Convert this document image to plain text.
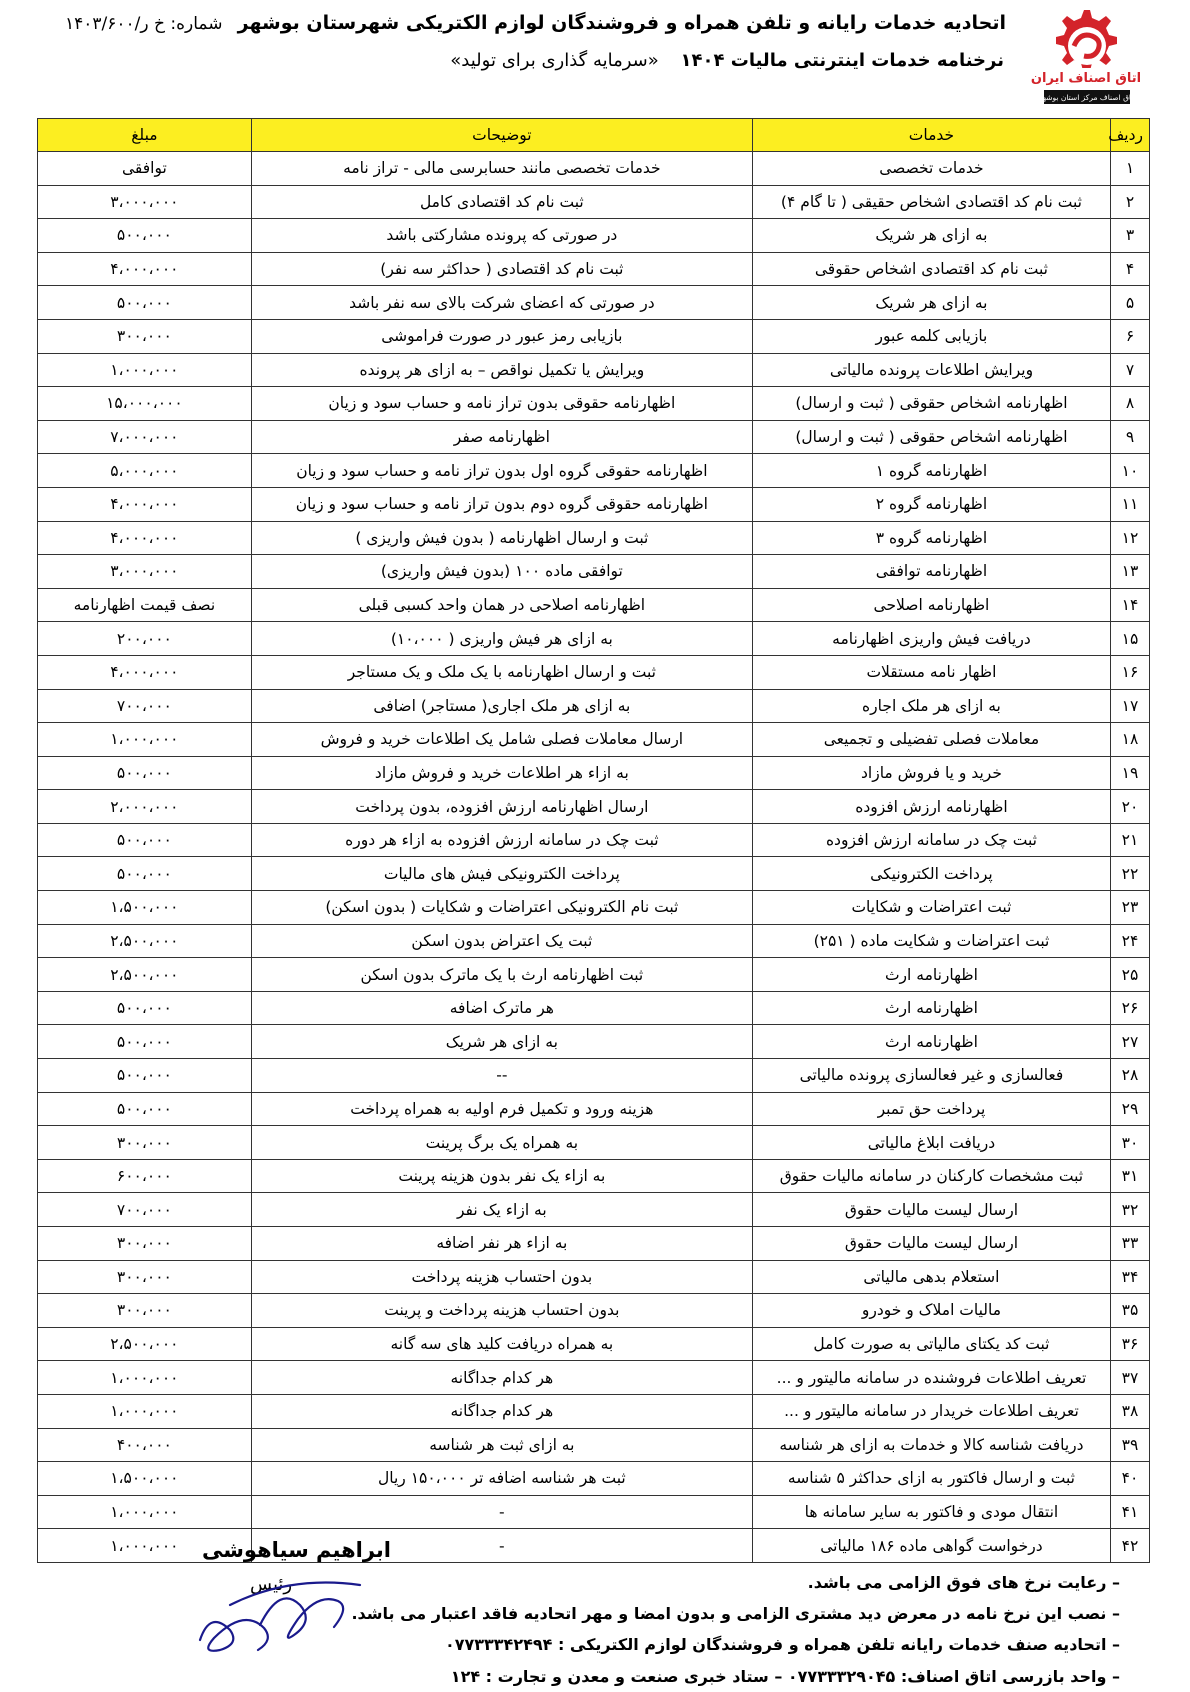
اتاق اصناف ایران
اتاق اصناف مرکز استان بوشهر
اتحادیه خدمات رایانه و تلفن همراه و فروشندگان لوازم الکتریکی شهرستان بوشهر
شماره: خ ر/۱۴۰۳/۶۰۰
نرخنامه خدمات اینترنتی مالیات ۱۴۰۴ «سرمایه گذاری برای تولید»
ردیف	خدمات	توضیحات	مبلغ
۱	خدمات تخصصی	خدمات تخصصی مانند حسابرسی مالی - تراز نامه	توافقی
۲	ثبت نام کد اقتصادی اشخاص حقیقی ( تا گام ۴)	ثبت نام کد اقتصادی کامل	۳،۰۰۰،۰۰۰
۳	به ازای هر شریک	در صورتی که پرونده مشارکتی باشد	۵۰۰،۰۰۰
۴	ثبت نام کد اقتصادی اشخاص حقوقی	ثبت نام کد اقتصادی ( حداکثر سه نفر)	۴،۰۰۰،۰۰۰
۵	به ازای هر شریک	در صورتی که اعضای شرکت بالای سه نفر باشد	۵۰۰،۰۰۰
۶	بازیابی کلمه عبور	بازیابی رمز عبور در صورت فراموشی	۳۰۰،۰۰۰
۷	ویرایش اطلاعات پرونده مالیاتی	ویرایش یا تکمیل نواقص – به ازای هر پرونده	۱،۰۰۰،۰۰۰
۸	اظهارنامه اشخاص حقوقی ( ثبت و ارسال)	اظهارنامه حقوقی بدون تراز نامه و حساب سود و زیان	۱۵،۰۰۰،۰۰۰
۹	اظهارنامه اشخاص حقوقی ( ثبت و ارسال)	اظهارنامه صفر	۷،۰۰۰،۰۰۰
۱۰	اظهارنامه گروه ۱	اظهارنامه حقوقی گروه اول بدون تراز نامه و حساب سود و زیان	۵،۰۰۰،۰۰۰
۱۱	اظهارنامه گروه ۲	اظهارنامه حقوقی گروه دوم بدون تراز نامه و حساب سود و زیان	۴،۰۰۰،۰۰۰
۱۲	اظهارنامه گروه ۳	ثبت و ارسال اظهارنامه ( بدون فیش واریزی )	۴،۰۰۰،۰۰۰
۱۳	اظهارنامه توافقی	توافقی ماده ۱۰۰ (بدون فیش واریزی)	۳،۰۰۰،۰۰۰
۱۴	اظهارنامه اصلاحی	اظهارنامه اصلاحی در همان واحد کسبی قبلی	نصف قیمت اظهارنامه
۱۵	دریافت فیش واریزی اظهارنامه	به ازای هر فیش واریزی ( ۱۰،۰۰۰)	۲۰۰،۰۰۰
۱۶	اظهار نامه مستقلات	ثبت و ارسال اظهارنامه با یک ملک و یک مستاجر	۴،۰۰۰،۰۰۰
۱۷	به ازای هر ملک اجاره	به ازای هر ملک اجاری( مستاجر) اضافی	۷۰۰،۰۰۰
۱۸	معاملات فصلی تفضیلی و تجمیعی	ارسال معاملات فصلی شامل یک اطلاعات خرید و فروش	۱،۰۰۰،۰۰۰
۱۹	خرید و یا فروش مازاد	به ازاء هر اطلاعات خرید و فروش مازاد	۵۰۰،۰۰۰
۲۰	اظهارنامه ارزش افزوده	ارسال اظهارنامه ارزش افزوده، بدون پرداخت	۲،۰۰۰،۰۰۰
۲۱	ثبت چک در سامانه ارزش افزوده	ثبت چک در سامانه ارزش افزوده به ازاء هر دوره	۵۰۰،۰۰۰
۲۲	پرداخت الکترونیکی	پرداخت الکترونیکی فیش های مالیات	۵۰۰،۰۰۰
۲۳	ثبت اعتراضات و شکایات	ثبت نام الکترونیکی اعتراضات و شکایات ( بدون اسکن)	۱،۵۰۰،۰۰۰
۲۴	ثبت اعتراضات و شکایت ماده ( ۲۵۱)	ثبت یک اعتراض بدون اسکن	۲،۵۰۰،۰۰۰
۲۵	اظهارنامه ارث	ثبت اظهارنامه ارث با یک ماترک بدون اسکن	۲،۵۰۰،۰۰۰
۲۶	اظهارنامه ارث	هر ماترک اضافه	۵۰۰،۰۰۰
۲۷	اظهارنامه ارث	به ازای هر شریک	۵۰۰،۰۰۰
۲۸	فعالسازی و غیر فعالسازی پرونده مالیاتی	--	۵۰۰،۰۰۰
۲۹	پرداخت حق تمبر	هزینه ورود و تکمیل فرم اولیه به همراه پرداخت	۵۰۰،۰۰۰
۳۰	دریافت ابلاغ مالیاتی	به همراه یک برگ پرینت	۳۰۰،۰۰۰
۳۱	ثبت مشخصات کارکنان در سامانه مالیات حقوق	به ازاء یک نفر بدون هزینه پرینت	۶۰۰،۰۰۰
۳۲	ارسال لیست مالیات حقوق	به ازاء یک نفر	۷۰۰،۰۰۰
۳۳	ارسال لیست مالیات حقوق	به ازاء هر نفر اضافه	۳۰۰،۰۰۰
۳۴	استعلام بدهی مالیاتی	بدون احتساب هزینه پرداخت	۳۰۰،۰۰۰
۳۵	مالیات املاک و خودرو	بدون احتساب هزینه پرداخت و پرینت	۳۰۰،۰۰۰
۳۶	ثبت کد یکتای مالیاتی به صورت کامل	به همراه دریافت کلید های سه گانه	۲،۵۰۰،۰۰۰
۳۷	تعریف اطلاعات فروشنده در سامانه مالیتور و ...	هر کدام جداگانه	۱،۰۰۰،۰۰۰
۳۸	تعریف اطلاعات خریدار در سامانه مالیتور و ...	هر کدام جداگانه	۱،۰۰۰،۰۰۰
۳۹	دریافت شناسه کالا و خدمات به ازای هر شناسه	به ازای ثبت هر شناسه	۴۰۰،۰۰۰
۴۰	ثبت و ارسال فاکتور به ازای حداکثر ۵ شناسه	ثبت هر شناسه اضافه تر ۱۵۰،۰۰۰ ریال	۱،۵۰۰،۰۰۰
۴۱	انتقال مودی و فاکتور به سایر سامانه ها	-	۱،۰۰۰،۰۰۰
۴۲	درخواست گواهی ماده ۱۸۶ مالیاتی	-	۱،۰۰۰،۰۰۰ ابراهیم سیاهوشی
رئیس	– رعایت نرخ های فوق الزامی می باشد.
– نصب این نرخ نامه در معرض دید مشتری الزامی و بدون امضا و مهر اتحادیه فاقد اعتبار می باشد.
– اتحادیه صنف خدمات رایانه تلفن همراه و فروشندگان لوازم الکتریکی : ۰۷۷۳۳۳۴۲۴۹۴
– واحد بازرسی اتاق اصناف: ۰۷۷۳۳۳۲۹۰۴۵ – ستاد خبری صنعت و معدن و تجارت : ۱۲۴
